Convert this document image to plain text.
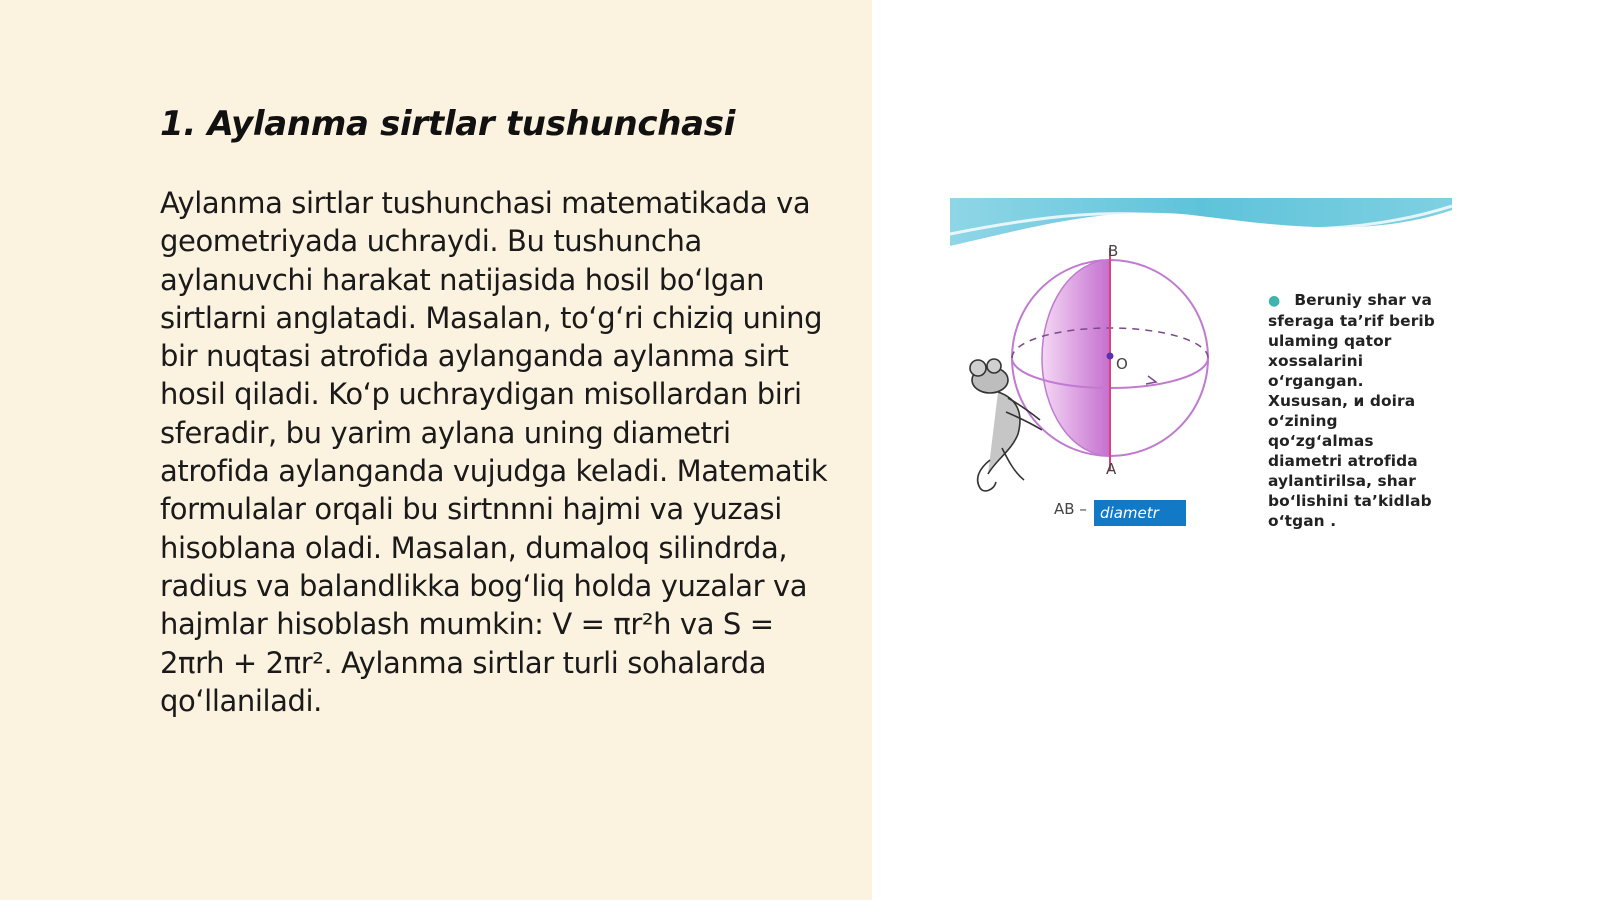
1. Aylanma sirtlar tushunchasi

Aylanma sirtlar tushunchasi matematikada va geometriyada uchraydi. Bu tushuncha aylanuvchi harakat natijasida hosil bo‘lgan sirtlarni anglatadi. Masalan, to‘g‘ri chiziq uning bir nuqtasi atrofida aylanganda aylanma sirt hosil qiladi. Ko‘p uchraydigan misollardan biri sferadir, bu yarim aylana uning diametri atrofida aylanganda vujudga keladi. Matematik formulalar orqali bu sirtnnni hajmi va yuzasi hisoblana oladi. Masalan, dumaloq silindrda, radius va balandlikka bog‘liq holda yuzalar va hajmlar hisoblash mumkin: V = πr²h va S = 2πrh + 2πr². Aylanma sirtlar turli sohalarda qo‘llaniladi.

B
O
A
AB – diametr

● Beruniy shar va sferaga ta’rif berib ulaming qator xossalarini o‘rgangan. Xususan, и doira o‘zining qo‘zg‘almas diametri atrofida aylantirilsa, shar bo‘lishini ta’kidlab o‘tgan .
